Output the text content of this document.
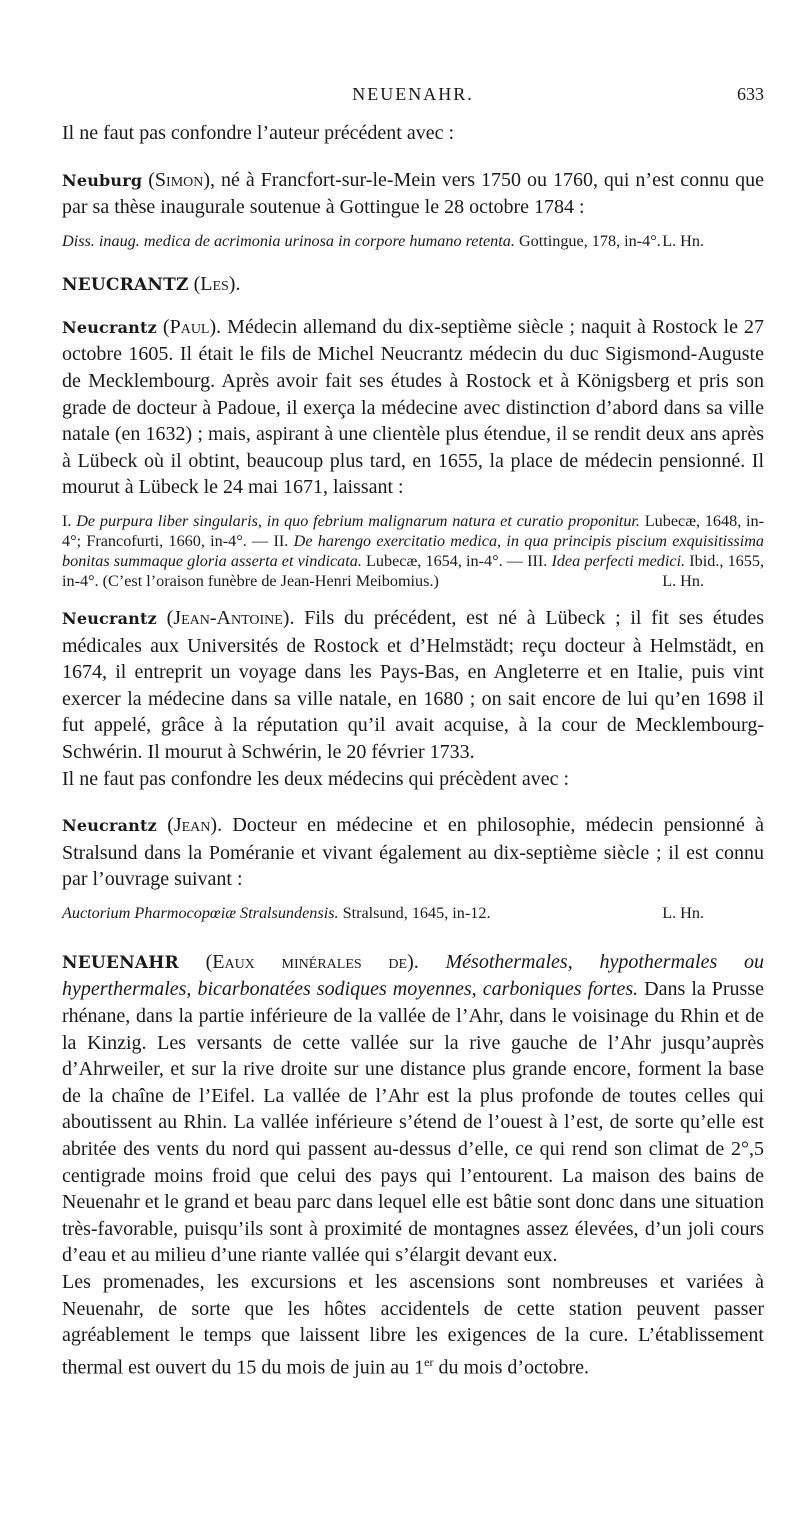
NEUENAHR.	633

Il ne faut pas confondre l’auteur précédent avec :

Neuburg (Simon), né à Francfort-sur-le-Mein vers 1750 ou 1760, qui n’est connu que par sa thèse inaugurale soutenue à Gottingue le 28 octobre 1784 :

Diss. inaug. medica de acrimonia urinosa in corpore humano retenta. Gottingue, 178, in-4°. L. Hn.

NEUCRANTZ (Les).

Neucrantz (Paul). Médecin allemand du dix-septième siècle ; naquit à Rostock le 27 octobre 1605. Il était le fils de Michel Neucrantz médecin du duc Sigismond-Auguste de Mecklembourg. Après avoir fait ses études à Rostock et à Königsberg et pris son grade de docteur à Padoue, il exerça la médecine avec distinction d’abord dans sa ville natale (en 1632) ; mais, aspirant à une clientèle plus étendue, il se rendit deux ans après à Lübeck où il obtint, beaucoup plus tard, en 1655, la place de médecin pensionné. Il mourut à Lübeck le 24 mai 1671, laissant :

I. De purpura liber singularis, in quo febrium malignarum natura et curatio proponitur. Lubecæ, 1648, in-4°; Francofurti, 1660, in-4°. — II. De harengo exercitatio medica, in qua principis piscium exquisitissima bonitas summaque gloria asserta et vindicata. Lubecæ, 1654, in-4°. — III. Idea perfecti medici. Ibid., 1655, in-4°. (C’est l’oraison funèbre de Jean-Henri Meibomius.)	L. Hn.

Neucrantz (Jean-Antoine). Fils du précédent, est né à Lübeck ; il fit ses études médicales aux Universités de Rostock et d’Helmstädt; reçu docteur à Helmstädt, en 1674, il entreprit un voyage dans les Pays-Bas, en Angleterre et en Italie, puis vint exercer la médecine dans sa ville natale, en 1680 ; on sait encore de lui qu’en 1698 il fut appelé, grâce à la réputation qu’il avait acquise, à la cour de Mecklembourg-Schwérin. Il mourut à Schwérin, le 20 février 1733.

Il ne faut pas confondre les deux médecins qui précèdent avec :

Neucrantz (Jean). Docteur en médecine et en philosophie, médecin pensionné à Stralsund dans la Poméranie et vivant également au dix-septième siècle ; il est connu par l’ouvrage suivant :

Auctorium Pharmocopœiæ Stralsundensis. Stralsund, 1645, in-12.	L. Hn.

NEUENAHR (Eaux minérales de). Mésothermales, hypothermales ou hyperthermales, bicarbonatées sodiques moyennes, carboniques fortes. Dans la Prusse rhénane, dans la partie inférieure de la vallée de l’Ahr, dans le voisinage du Rhin et de la Kinzig. Les versants de cette vallée sur la rive gauche de l’Ahr jusqu’auprès d’Ahrweiler, et sur la rive droite sur une distance plus grande encore, forment la base de la chaîne de l’Eifel. La vallée de l’Ahr est la plus profonde de toutes celles qui aboutissent au Rhin. La vallée inférieure s’étend de l’ouest à l’est, de sorte qu’elle est abritée des vents du nord qui passent au-dessus d’elle, ce qui rend son climat de 2°,5 centigrade moins froid que celui des pays qui l’entourent. La maison des bains de Neuenahr et le grand et beau parc dans lequel elle est bâtie sont donc dans une situation très-favorable, puisqu’ils sont à proximité de montagnes assez élevées, d’un joli cours d’eau et au milieu d’une riante vallée qui s’élargit devant eux.

Les promenades, les excursions et les ascensions sont nombreuses et variées à Neuenahr, de sorte que les hôtes accidentels de cette station peuvent passer agréablement le temps que laissent libre les exigences de la cure. L’établissement thermal est ouvert du 15 du mois de juin au 1er du mois d’octobre.
